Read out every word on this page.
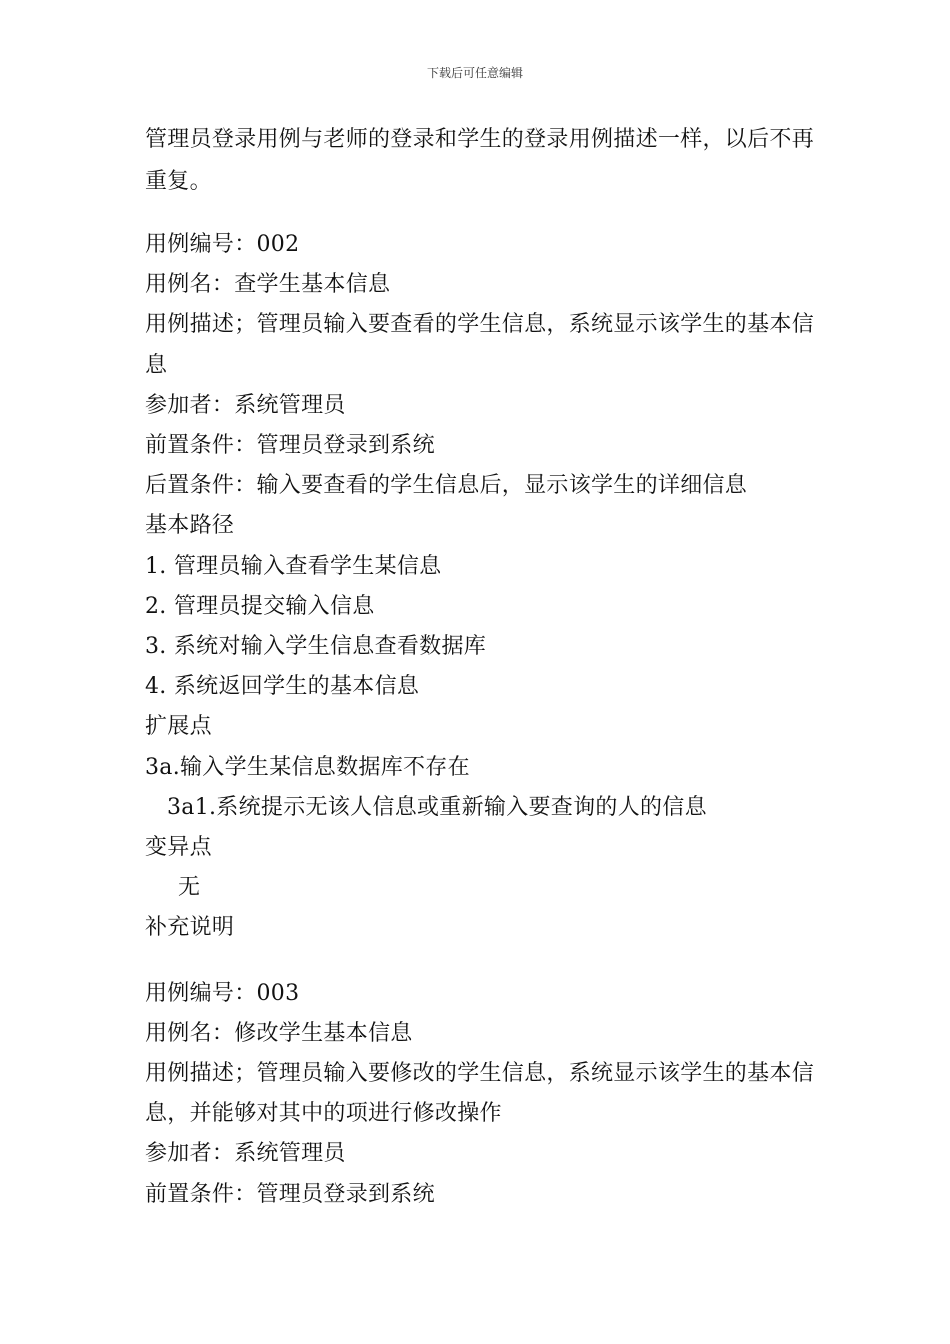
下载后可任意编辑
管理员登录用例与老师的登录和学生的登录用例描述一样，以后不再重复。
用例编号：002
用例名：查学生基本信息
用例描述；管理员输入要查看的学生信息，系统显示该学生的基本信息
参加者：系统管理员
前置条件：管理员登录到系统
后置条件：输入要查看的学生信息后，显示该学生的详细信息
基本路径
1. 管理员输入查看学生某信息
2. 管理员提交输入信息
3. 系统对输入学生信息查看数据库
4. 系统返回学生的基本信息
扩展点
3a.输入学生某信息数据库不存在
3a1.系统提示无该人信息或重新输入要查询的人的信息
变异点
无
补充说明
用例编号：003
用例名：修改学生基本信息
用例描述；管理员输入要修改的学生信息，系统显示该学生的基本信息，并能够对其中的项进行修改操作
参加者：系统管理员
前置条件：管理员登录到系统
